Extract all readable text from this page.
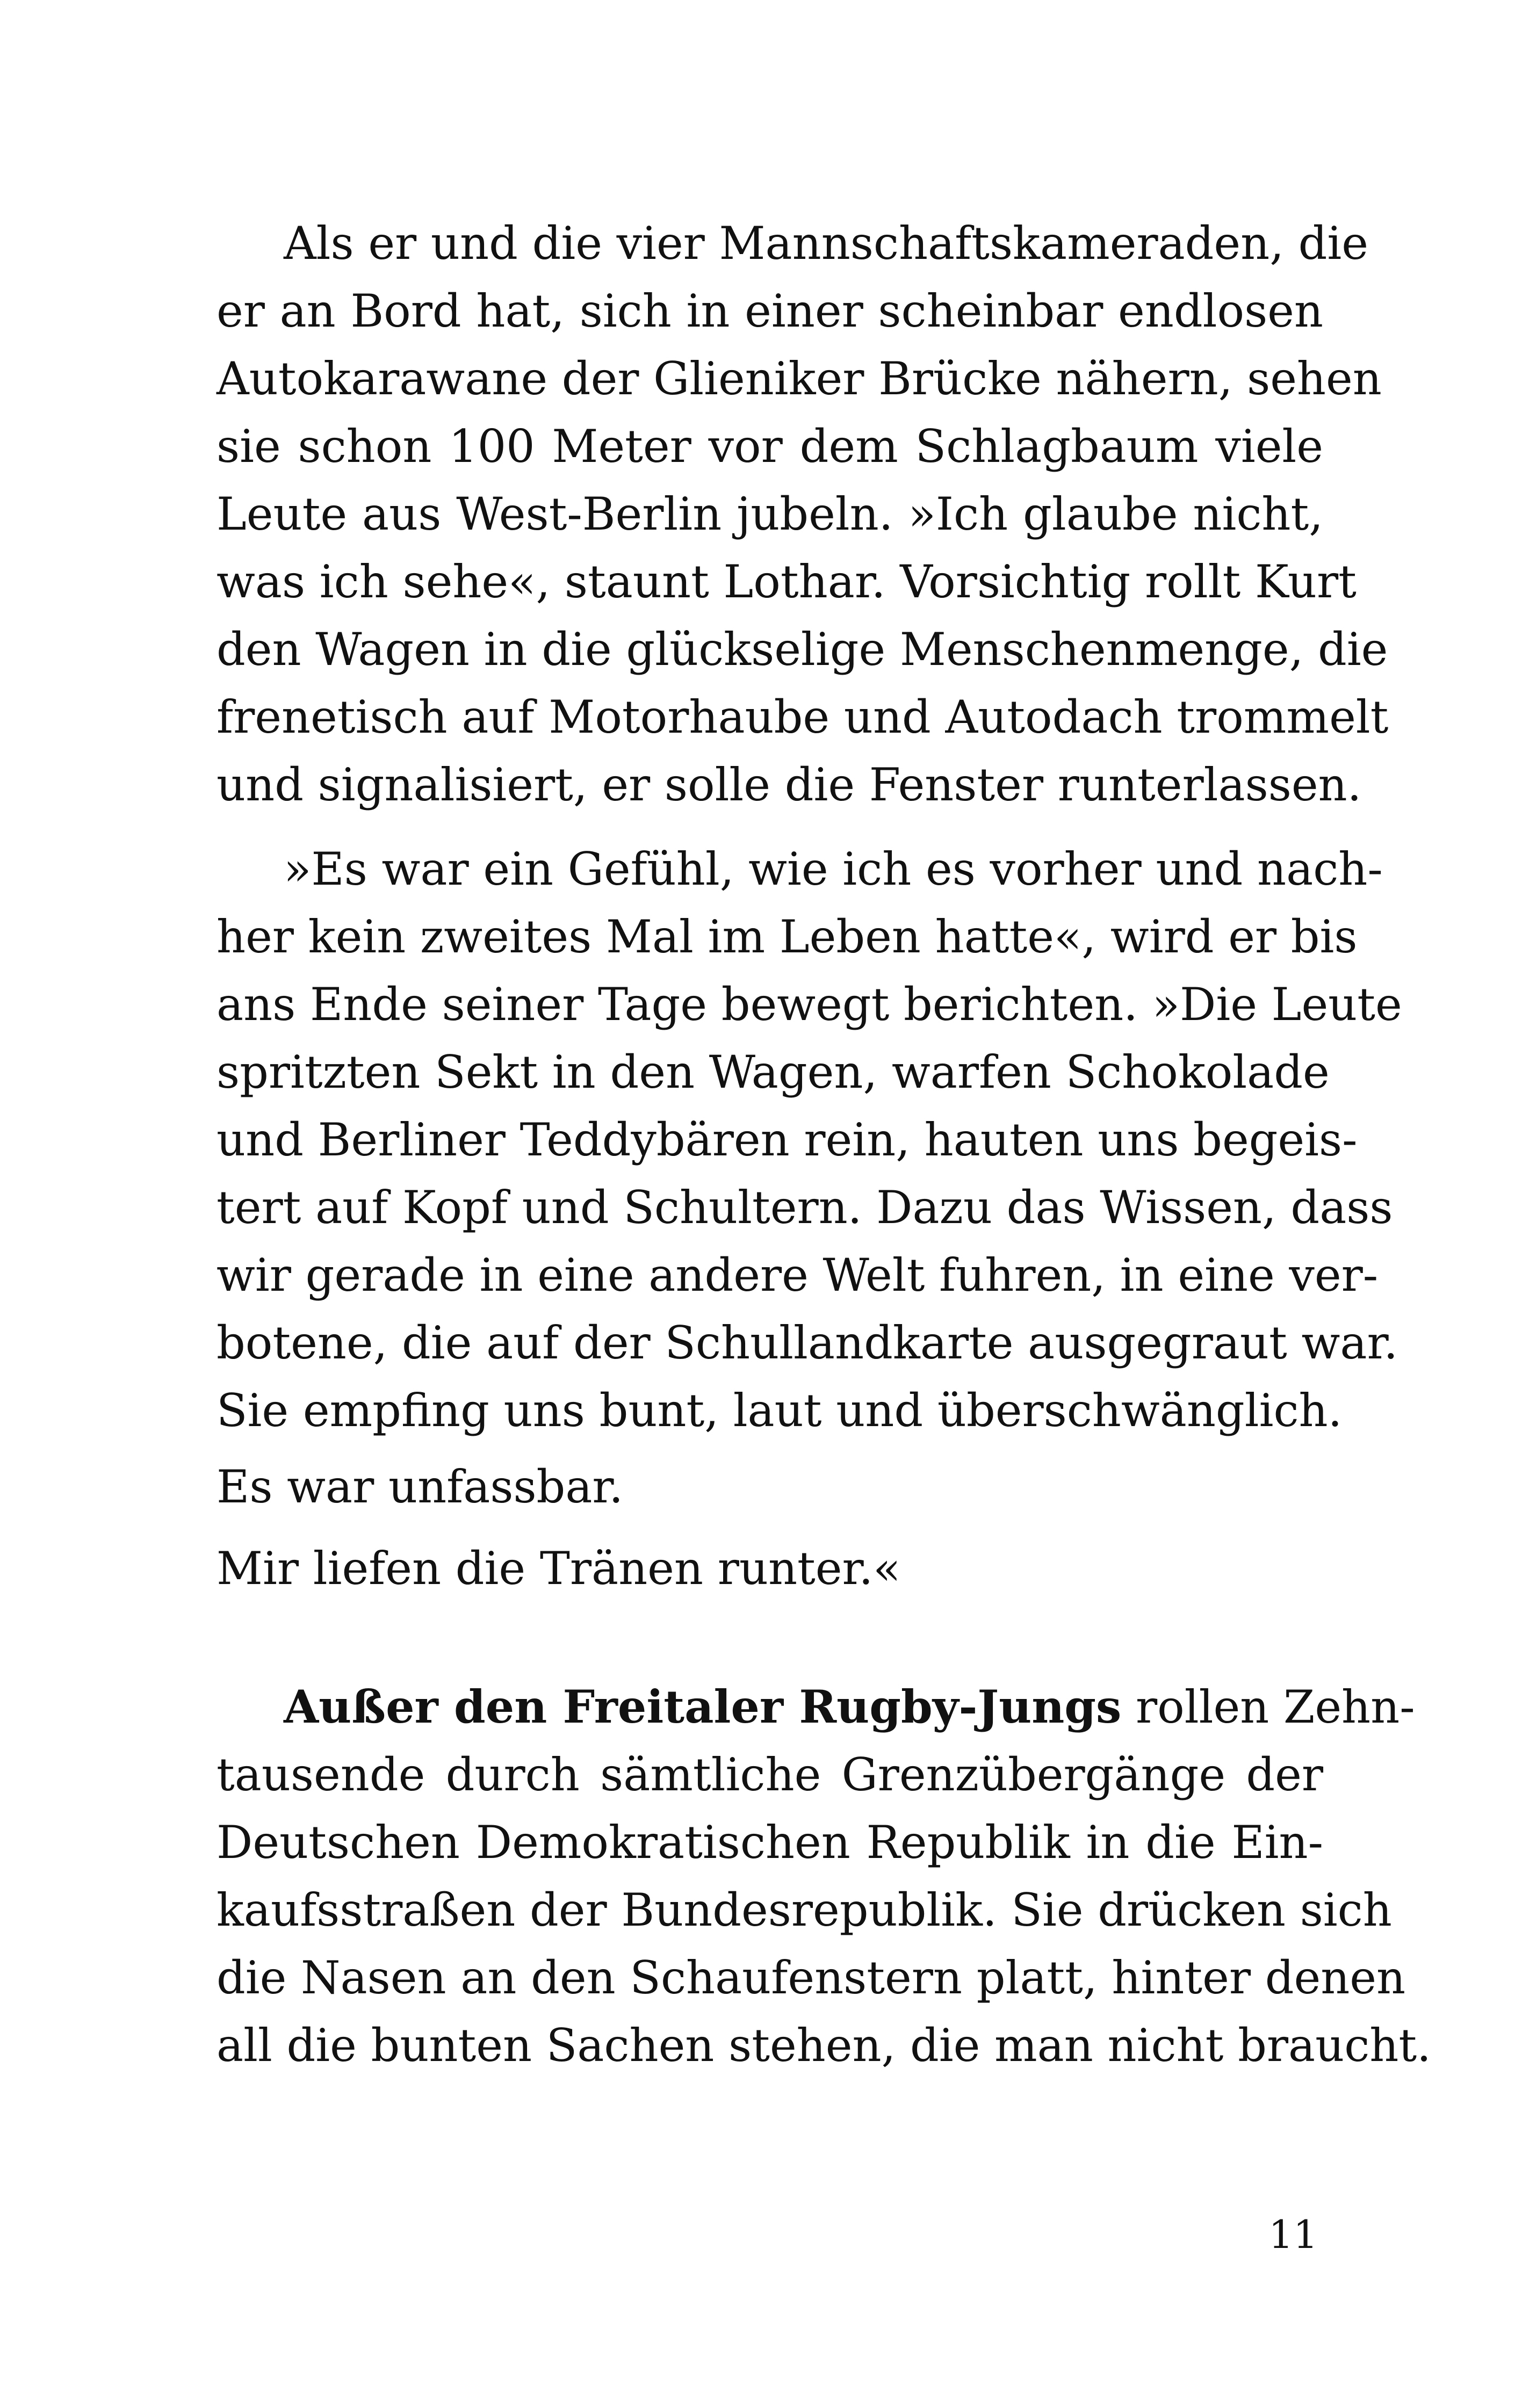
Als er und die vier Mannschaftskameraden, die
er an Bord hat, sich in einer scheinbar endlosen
Autokarawane der Glieniker Brücke nähern, sehen
sie schon 100 Meter vor dem Schlagbaum viele
Leute aus West-Berlin jubeln. »Ich glaube nicht,
was ich sehe«, staunt Lothar. Vorsichtig rollt Kurt
den Wagen in die glückselige Menschenmenge, die
frenetisch auf Motorhaube und Autodach trommelt
und signalisiert, er solle die Fenster runterlassen.
»Es war ein Gefühl, wie ich es vorher und nach-
her kein zweites Mal im Leben hatte«, wird er bis
ans Ende seiner Tage bewegt berichten. »Die Leute
spritzten Sekt in den Wagen, warfen Schokolade
und Berliner Teddybären rein, hauten uns begeis-
tert auf Kopf und Schultern. Dazu das Wissen, dass
wir gerade in eine andere Welt fuhren, in eine ver-
botene, die auf der Schullandkarte ausgegraut war.
Sie empfing uns bunt, laut und überschwänglich.
Es war unfassbar.
Mir liefen die Tränen runter.«
Außer den Freitaler Rugby-Jungs rollen Zehn-
tausende durch sämtliche Grenzübergänge der
Deutschen Demokratischen Republik in die Ein-
kaufsstraßen der Bundesrepublik. Sie drücken sich
die Nasen an den Schaufenstern platt, hinter denen
all die bunten Sachen stehen, die man nicht braucht.
11
